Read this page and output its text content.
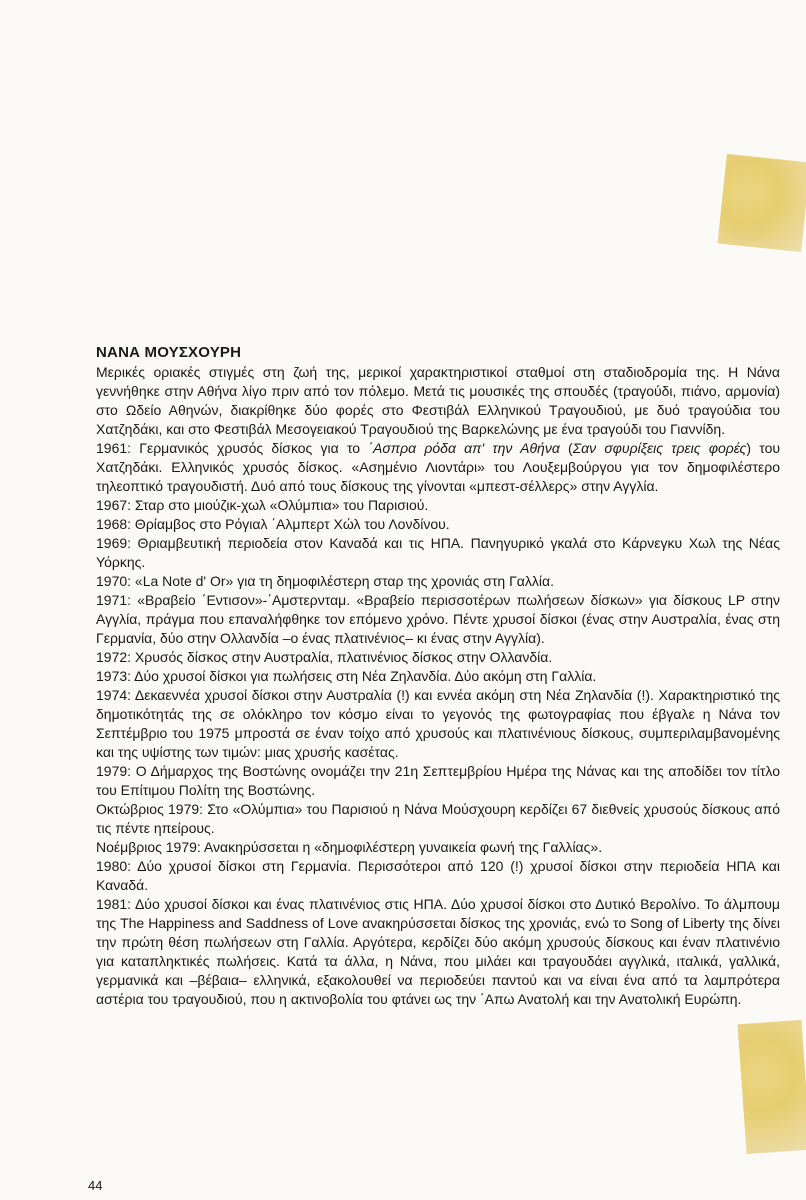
ΝΑΝΑ ΜΟΥΣΧΟΥΡΗ

Μερικές οριακές στιγμές στη ζωή της, μερικοί χαρακτηριστικοί σταθμοί στη σταδιοδρομία της. Η Νάνα γεννήθηκε στην Αθήνα λίγο πριν από τον πόλεμο. Μετά τις μουσικές της σπουδές (τραγούδι, πιάνο, αρμονία) στο Ωδείο Αθηνών, διακρίθηκε δύο φορές στο Φεστιβάλ Ελληνικού Τραγουδιού, με δυό τραγούδια του Χατζηδάκι, και στο Φεστιβάλ Μεσογειακού Τραγουδιού της Βαρκελώνης με ένα τραγούδι του Γιαννίδη.

1961: Γερμανικός χρυσός δίσκος για το ΄Ασπρα ρόδα απ' την Αθήνα (Σαν σφυρίξεις τρεις φορές) του Χατζηδάκι. Ελληνικός χρυσός δίσκος. «Ασημένιο Λιοντάρι» του Λουξεμβούργου για τον δημοφιλέστερο τηλεοπτικό τραγουδιστή. Δυό από τους δίσκους της γίνονται «μπεστ-σέλλερς» στην Αγγλία.

1967: Σταρ στο μιούζικ-χωλ «Ολύμπια» του Παρισιού.

1968: Θρίαμβος στο Ρόγιαλ ΄Αλμπερτ Χώλ του Λονδίνου.

1969: Θριαμβευτική περιοδεία στον Καναδά και τις ΗΠΑ. Πανηγυρικό γκαλά στο Κάρνεγκυ Χωλ της Νέας Υόρκης.

1970: «La Note d' Or» για τη δημοφιλέστερη σταρ της χρονιάς στη Γαλλία.

1971: «Βραβείο ΄Εντισον»-΄Αμστερνταμ. «Βραβείο περισσοτέρων πωλήσεων δίσκων» για δίσκους LP στην Αγγλία, πράγμα που επαναλήφθηκε τον επόμενο χρόνο. Πέντε χρυσοί δίσκοι (ένας στην Αυστραλία, ένας στη Γερμανία, δύο στην Ολλανδία –ο ένας πλατινένιος– κι ένας στην Αγγλία).

1972: Χρυσός δίσκος στην Αυστραλία, πλατινένιος δίσκος στην Ολλανδία.

1973: Δύο χρυσοί δίσκοι για πωλήσεις στη Νέα Ζηλανδία. Δύο ακόμη στη Γαλλία.

1974: Δεκαεννέα χρυσοί δίσκοι στην Αυστραλία (!) και εννέα ακόμη στη Νέα Ζηλανδία (!). Χαρακτηριστικό της δημοτικότητάς της σε ολόκληρο τον κόσμο είναι το γεγονός της φωτογραφίας που έβγαλε η Νάνα τον Σεπτέμβριο του 1975 μπροστά σε έναν τοίχο από χρυσούς και πλατινένιους δίσκους, συμπεριλαμβανομένης και της υψίστης των τιμών: μιας χρυσής κασέτας.

1979: Ο Δήμαρχος της Βοστώνης ονομάζει την 21η Σεπτεμβρίου Ημέρα της Νάνας και της αποδίδει τον τίτλο του Επίτιμου Πολίτη της Βοστώνης.

Οκτώβριος 1979: Στο «Ολύμπια» του Παρισιού η Νάνα Μούσχουρη κερδίζει 67 διεθνείς χρυσούς δίσκους από τις πέντε ηπείρους.

Νοέμβριος 1979: Ανακηρύσσεται η «δημοφιλέστερη γυναικεία φωνή της Γαλλίας».

1980: Δύο χρυσοί δίσκοι στη Γερμανία. Περισσότεροι από 120 (!) χρυσοί δίσκοι στην περιοδεία ΗΠΑ και Καναδά.

1981: Δύο χρυσοί δίσκοι και ένας πλατινένιος στις ΗΠΑ. Δύο χρυσοί δίσκοι στο Δυτικό Βερολίνο. Το άλμπουμ της The Happiness and Saddness of Love ανακηρύσσεται δίσκος της χρονιάς, ενώ το Song of Liberty της δίνει την πρώτη θέση πωλήσεων στη Γαλλία. Αργότερα, κερδίζει δύο ακόμη χρυσούς δίσκους και έναν πλατινένιο για καταπληκτικές πωλήσεις. Κατά τα άλλα, η Νάνα, που μιλάει και τραγουδάει αγγλικά, ιταλικά, γαλλικά, γερμανικά και –βέβαια– ελληνικά, εξακολουθεί να περιοδεύει παντού και να είναι ένα από τα λαμπρότερα αστέρια του τραγουδιού, που η ακτινοβολία του φτάνει ως την ΄Απω Ανατολή και την Ανατολική Ευρώπη.

44
